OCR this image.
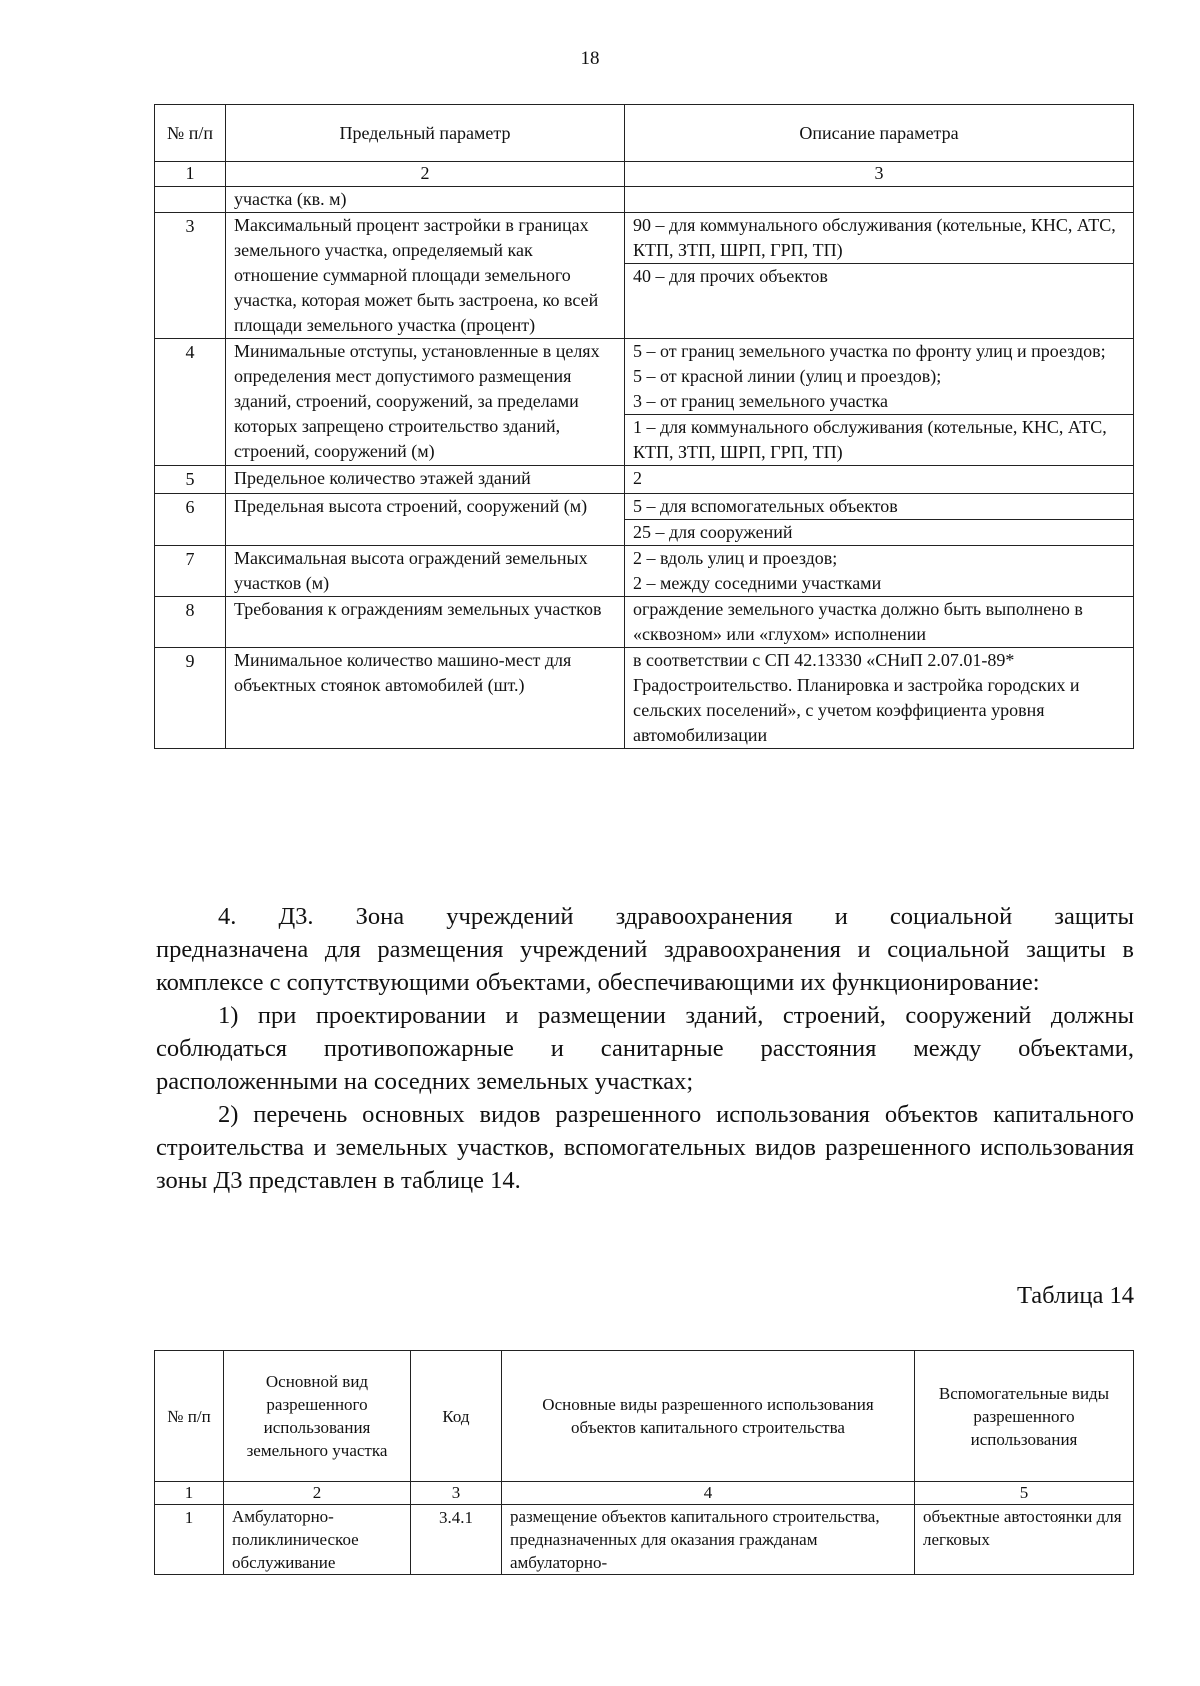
18
№ п/п	Предельный параметр	Описание параметра
1	2	3
	участка (кв. м)	

3	Максимальный процент застройки в границах земельного участка, определяемый как отношение суммарной площади земельного участка, которая может быть застроена, ко всей площади земельного участка (процент)	90 – для коммунального обслуживания (котельные, КНС, АТС, КТП, ЗТП, ШРП, ГРП, ТП)
40 – для прочих объектов

4	Минимальные отступы, установленные в целях определения мест допустимого размещения зданий, строений, сооружений, за пределами которых запрещено строительство зданий, строений, сооружений (м)	5 – от границ земельного участка по фронту улиц и проездов;
5 – от красной линии (улиц и проездов);
3 – от границ земельного участка
1 – для коммунального обслуживания (котельные, КНС, АТС, КТП, ЗТП, ШРП, ГРП, ТП)

5	Предельное количество этажей зданий	2

6	Предельная высота строений, сооружений (м)	5 – для вспомогательных объектов
25 – для сооружений

7	Максимальная высота ограждений земельных участков (м)	2 – вдоль улиц и проездов;
2 – между соседними участками

8	Требования к ограждениям земельных участков	ограждение земельного участка должно быть выполнено в «сквозном» или «глухом» исполнении

9	Минимальное количество машино-мест для объектных стоянок автомобилей (шт.)	в соответствии с СП 42.13330 «СНиП 2.07.01-89* Градостроительство. Планировка и застройка городских и сельских поселений», с учетом коэффициента уровня автомобилизации

4. Д3. Зона учреждений здравоохранения и социальной защиты

предназначена для размещения учреждений здравоохранения и социальной защиты в комплексе с сопутствующими объектами, обеспечивающими их функционирование:

1) при проектировании и размещении зданий, строений, сооружений должны соблюдаться противопожарные и санитарные расстояния между объектами, расположенными на соседних земельных участках;

2) перечень основных видов разрешенного использования объектов капитального строительства и земельных участков, вспомогательных видов разрешенного использования зоны Д3 представлен в таблице 14.

Таблица 14
№ п/п	Основной вид разрешенного использования земельного участка	Код	Основные виды разрешенного использования объектов капитального строительства	Вспомогательные виды разрешенного использования
1	2	3	4	5
1	Амбулаторно-поликлиническое обслуживание	3.4.1	размещение объектов капитального строительства, предназначенных для оказания гражданам амбулаторно-	объектные автостоянки для легковых
